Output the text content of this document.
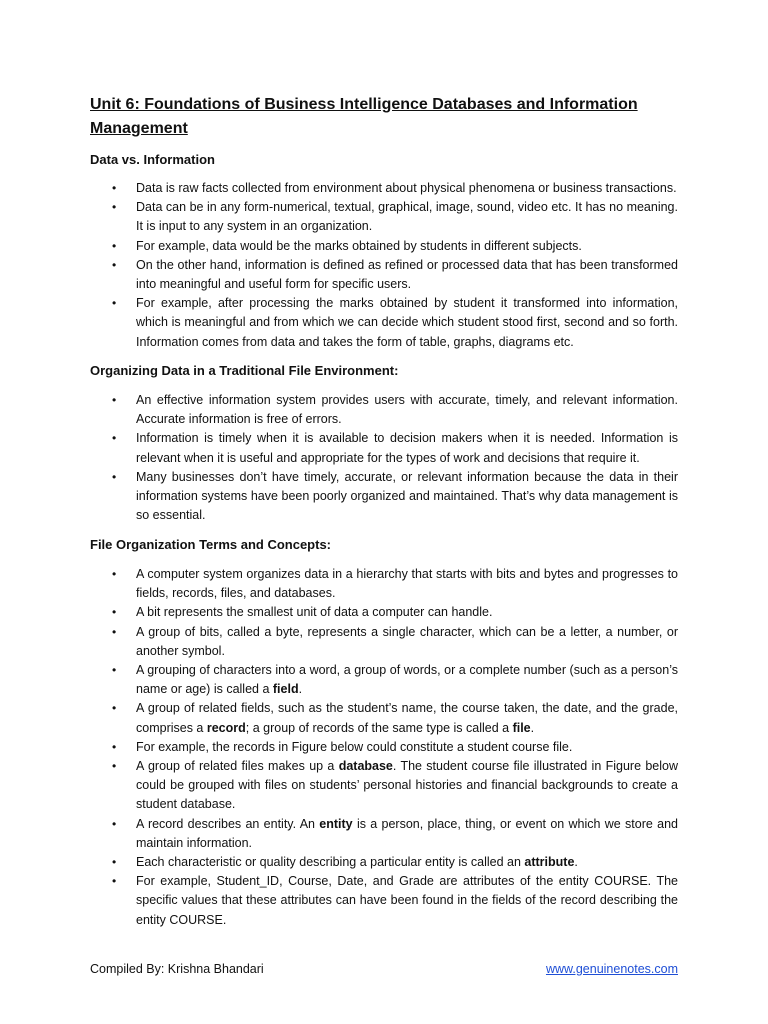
Unit 6: Foundations of Business Intelligence Databases and Information Management
Data vs. Information
• Data is raw facts collected from environment about physical phenomena or business transactions.
• Data can be in any form-numerical, textual, graphical, image, sound, video etc. It has no meaning. It is input to any system in an organization.
• For example, data would be the marks obtained by students in different subjects.
• On the other hand, information is defined as refined or processed data that has been transformed into meaningful and useful form for specific users.
• For example, after processing the marks obtained by student it transformed into information, which is meaningful and from which we can decide which student stood first, second and so forth. Information comes from data and takes the form of table, graphs, diagrams etc.
Organizing Data in a Traditional File Environment:
• An effective information system provides users with accurate, timely, and relevant information. Accurate information is free of errors.
• Information is timely when it is available to decision makers when it is needed. Information is relevant when it is useful and appropriate for the types of work and decisions that require it.
• Many businesses don’t have timely, accurate, or relevant information because the data in their information systems have been poorly organized and maintained. That’s why data management is so essential.
File Organization Terms and Concepts:
• A computer system organizes data in a hierarchy that starts with bits and bytes and progresses to fields, records, files, and databases.
• A bit represents the smallest unit of data a computer can handle.
• A group of bits, called a byte, represents a single character, which can be a letter, a number, or another symbol.
• A grouping of characters into a word, a group of words, or a complete number (such as a person’s name or age) is called a field.
• A group of related fields, such as the student’s name, the course taken, the date, and the grade, comprises a record; a group of records of the same type is called a file.
• For example, the records in Figure below could constitute a student course file.
• A group of related files makes up a database. The student course file illustrated in Figure below could be grouped with files on students’ personal histories and financial backgrounds to create a student database.
• A record describes an entity. An entity is a person, place, thing, or event on which we store and maintain information.
• Each characteristic or quality describing a particular entity is called an attribute.
• For example, Student_ID, Course, Date, and Grade are attributes of the entity COURSE. The specific values that these attributes can have been found in the fields of the record describing the entity COURSE.
Compiled By: Krishna Bhandari	www.genuinenotes.com
